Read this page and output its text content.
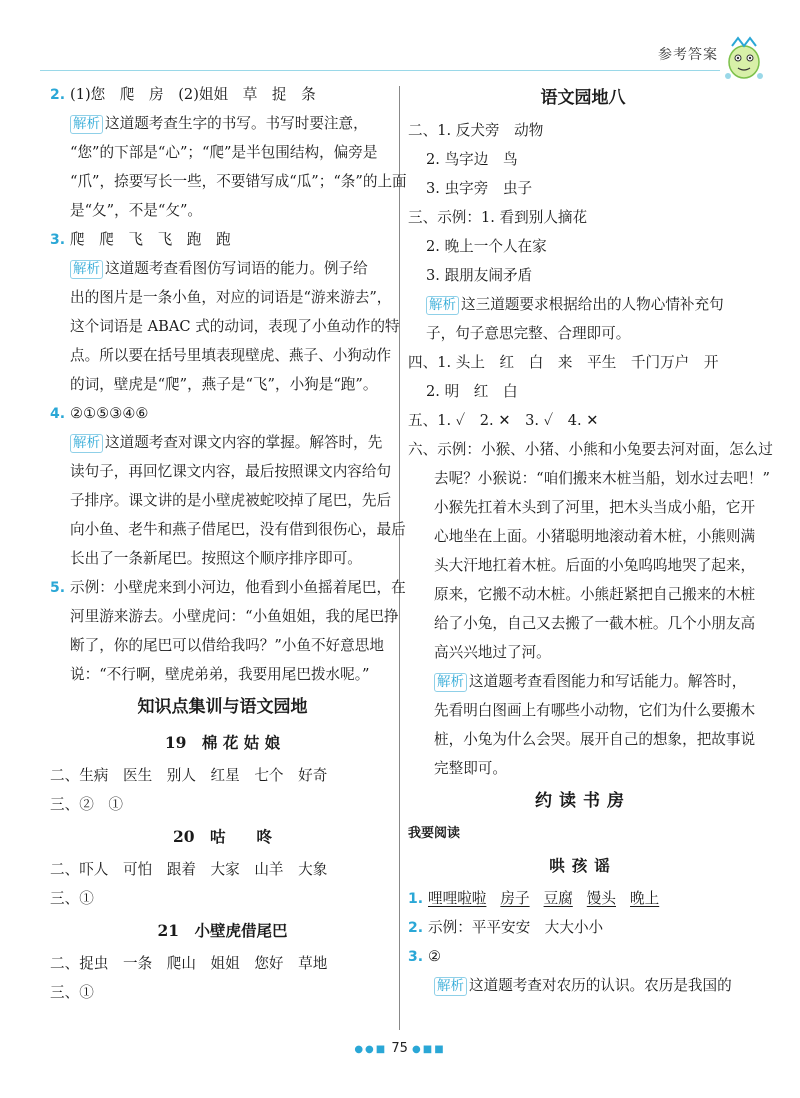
参考答案
2. (1)您　爬　房　(2)姐姐　草　捉　条
解析 这道题考查生字的书写。书写时要注意，
“您”的下部是“心”；“爬”是半包围结构，偏旁是
“爪”，捺要写长一些，不要错写成“瓜”；“条”的上面
是“夂”，不是“攵”。
3. 爬　爬　飞　飞　跑　跑
解析 这道题考查看图仿写词语的能力。例子给
出的图片是一条小鱼，对应的词语是“游来游去”，
这个词语是 ABAC 式的动词，表现了小鱼动作的特
点。所以要在括号里填表现壁虎、燕子、小狗动作
的词，壁虎是“爬”，燕子是“飞”，小狗是“跑”。
4. ②①⑤③④⑥
解析 这道题考查对课文内容的掌握。解答时，先
读句子，再回忆课文内容，最后按照课文内容给句
子排序。课文讲的是小壁虎被蛇咬掉了尾巴，先后
向小鱼、老牛和燕子借尾巴，没有借到很伤心，最后
长出了一条新尾巴。按照这个顺序排序即可。
5. 示例：小壁虎来到小河边，他看到小鱼摇着尾巴，在
河里游来游去。小壁虎问：“小鱼姐姐，我的尾巴挣
断了，你的尾巴可以借给我吗？”小鱼不好意思地
说：“不行啊，壁虎弟弟，我要用尾巴拨水呢。”
知识点集训与语文园地
19　棉 花 姑 娘
二、生病　医生　别人　红星　七个　好奇
三、②　①
20　咕　　咚
二、吓人　可怕　跟着　大家　山羊　大象
三、①
21　小壁虎借尾巴
二、捉虫　一条　爬山　姐姐　您好　草地
三、①
语文园地八
二、1. 反犬旁　动物
2. 鸟字边　鸟
3. 虫字旁　虫子
三、示例：1. 看到别人摘花
2. 晚上一个人在家
3. 跟朋友闹矛盾
解析 这三道题要求根据给出的人物心情补充句
子，句子意思完整、合理即可。
四、1. 头上　红　白　来　平生　千门万户　开
2. 明　红　白
五、1. ✓　2. ✕　3. ✓　4. ✕
六、示例：小猴、小猪、小熊和小兔要去河对面，怎么过
去呢？小猴说：“咱们搬来木桩当船，划水过去吧！”
小猴先扛着木头到了河里，把木头当成小船，它开
心地坐在上面。小猪聪明地滚动着木桩，小熊则满
头大汗地扛着木桩。后面的小兔呜呜地哭了起来，
原来，它搬不动木桩。小熊赶紧把自己搬来的木桩
给了小兔，自己又去搬了一截木桩。几个小朋友高
高兴兴地过了河。
解析 这道题考查看图能力和写话能力。解答时，
先看明白图画上有哪些小动物，它们为什么要搬木
桩，小兔为什么会哭。展开自己的想象，把故事说
完整即可。
约读书房
我要阅读
哄孩谣
1. 哩哩啦啦 房子 豆腐 馒头 晚上
2. 示例：平平安安　大大小小
3. ②
解析 这道题考查对农历的认识。农历是我国的
●●■ 75 ●■■
